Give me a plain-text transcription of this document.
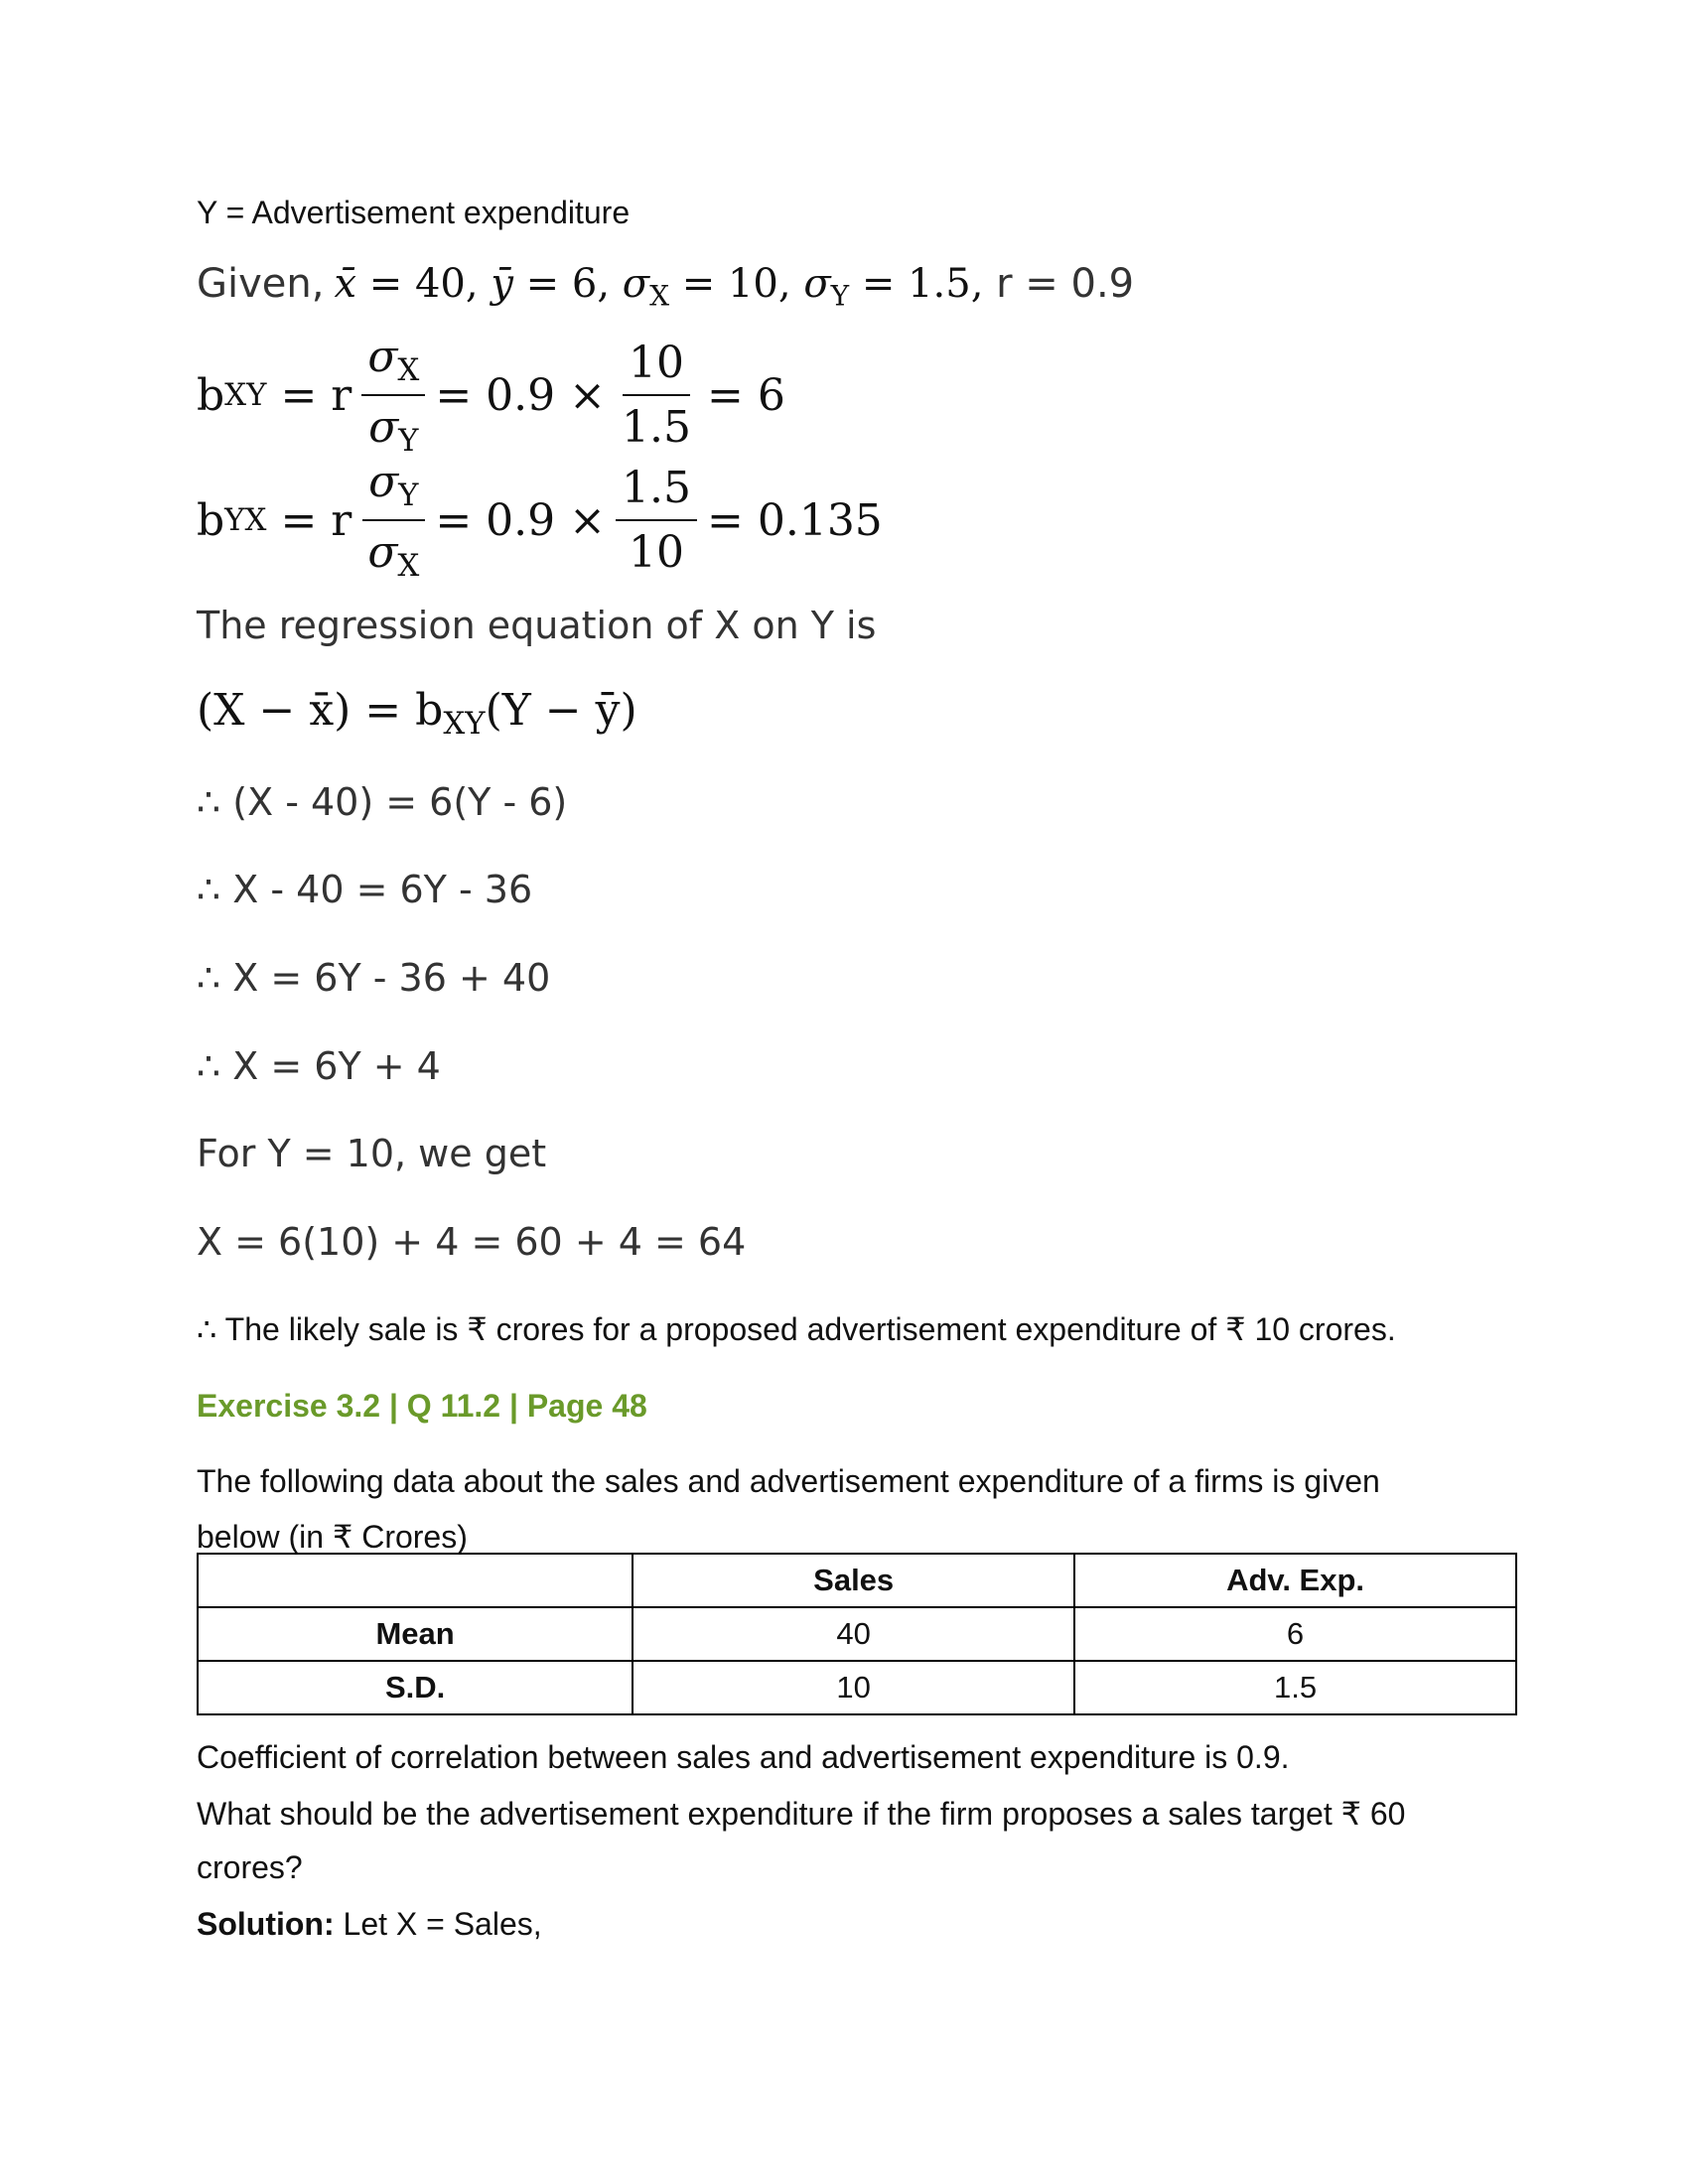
Y = Advertisement expenditure
Given, x̄ = 40, ȳ = 6, $\sigma_X = 10$, $\sigma_Y = 1.5$, r = 0.9
b XY = r $\frac{\sigma_X}{\sigma_Y} = 0.9 \times \frac{10}{1.5} = 6$
b YX = r $\frac{\sigma_Y}{\sigma_X} = 0.9 \times \frac{1.5}{10} = 0.135$
The regression equation of X on Y is
(X − x̄) = $b_{XY}(Y$ − ȳ)
∴ (X - 40) = 6(Y - 6)
∴ X - 40 = 6Y - 36
∴ X = 6Y - 36 + 40
∴ X = 6Y + 4
For Y = 10, we get
X = 6(10) + 4 = 60 + 4 = 64
∴ The likely sale is ₹ crores for a proposed advertisement expenditure of ₹ 10 crores.
Exercise 3.2 | Q 11.2 | Page 48
The following data about the sales and advertisement expenditure of a firms is given
below (in ₹ Crores)
	Sales	Adv. Exp.
Mean	40	6
S.D.	10	1.5
Coefficient of correlation between sales and advertisement expenditure is 0.9.
What should be the advertisement expenditure if the firm proposes a sales target ₹ 60
crores?
Solution: Let X = Sales,
